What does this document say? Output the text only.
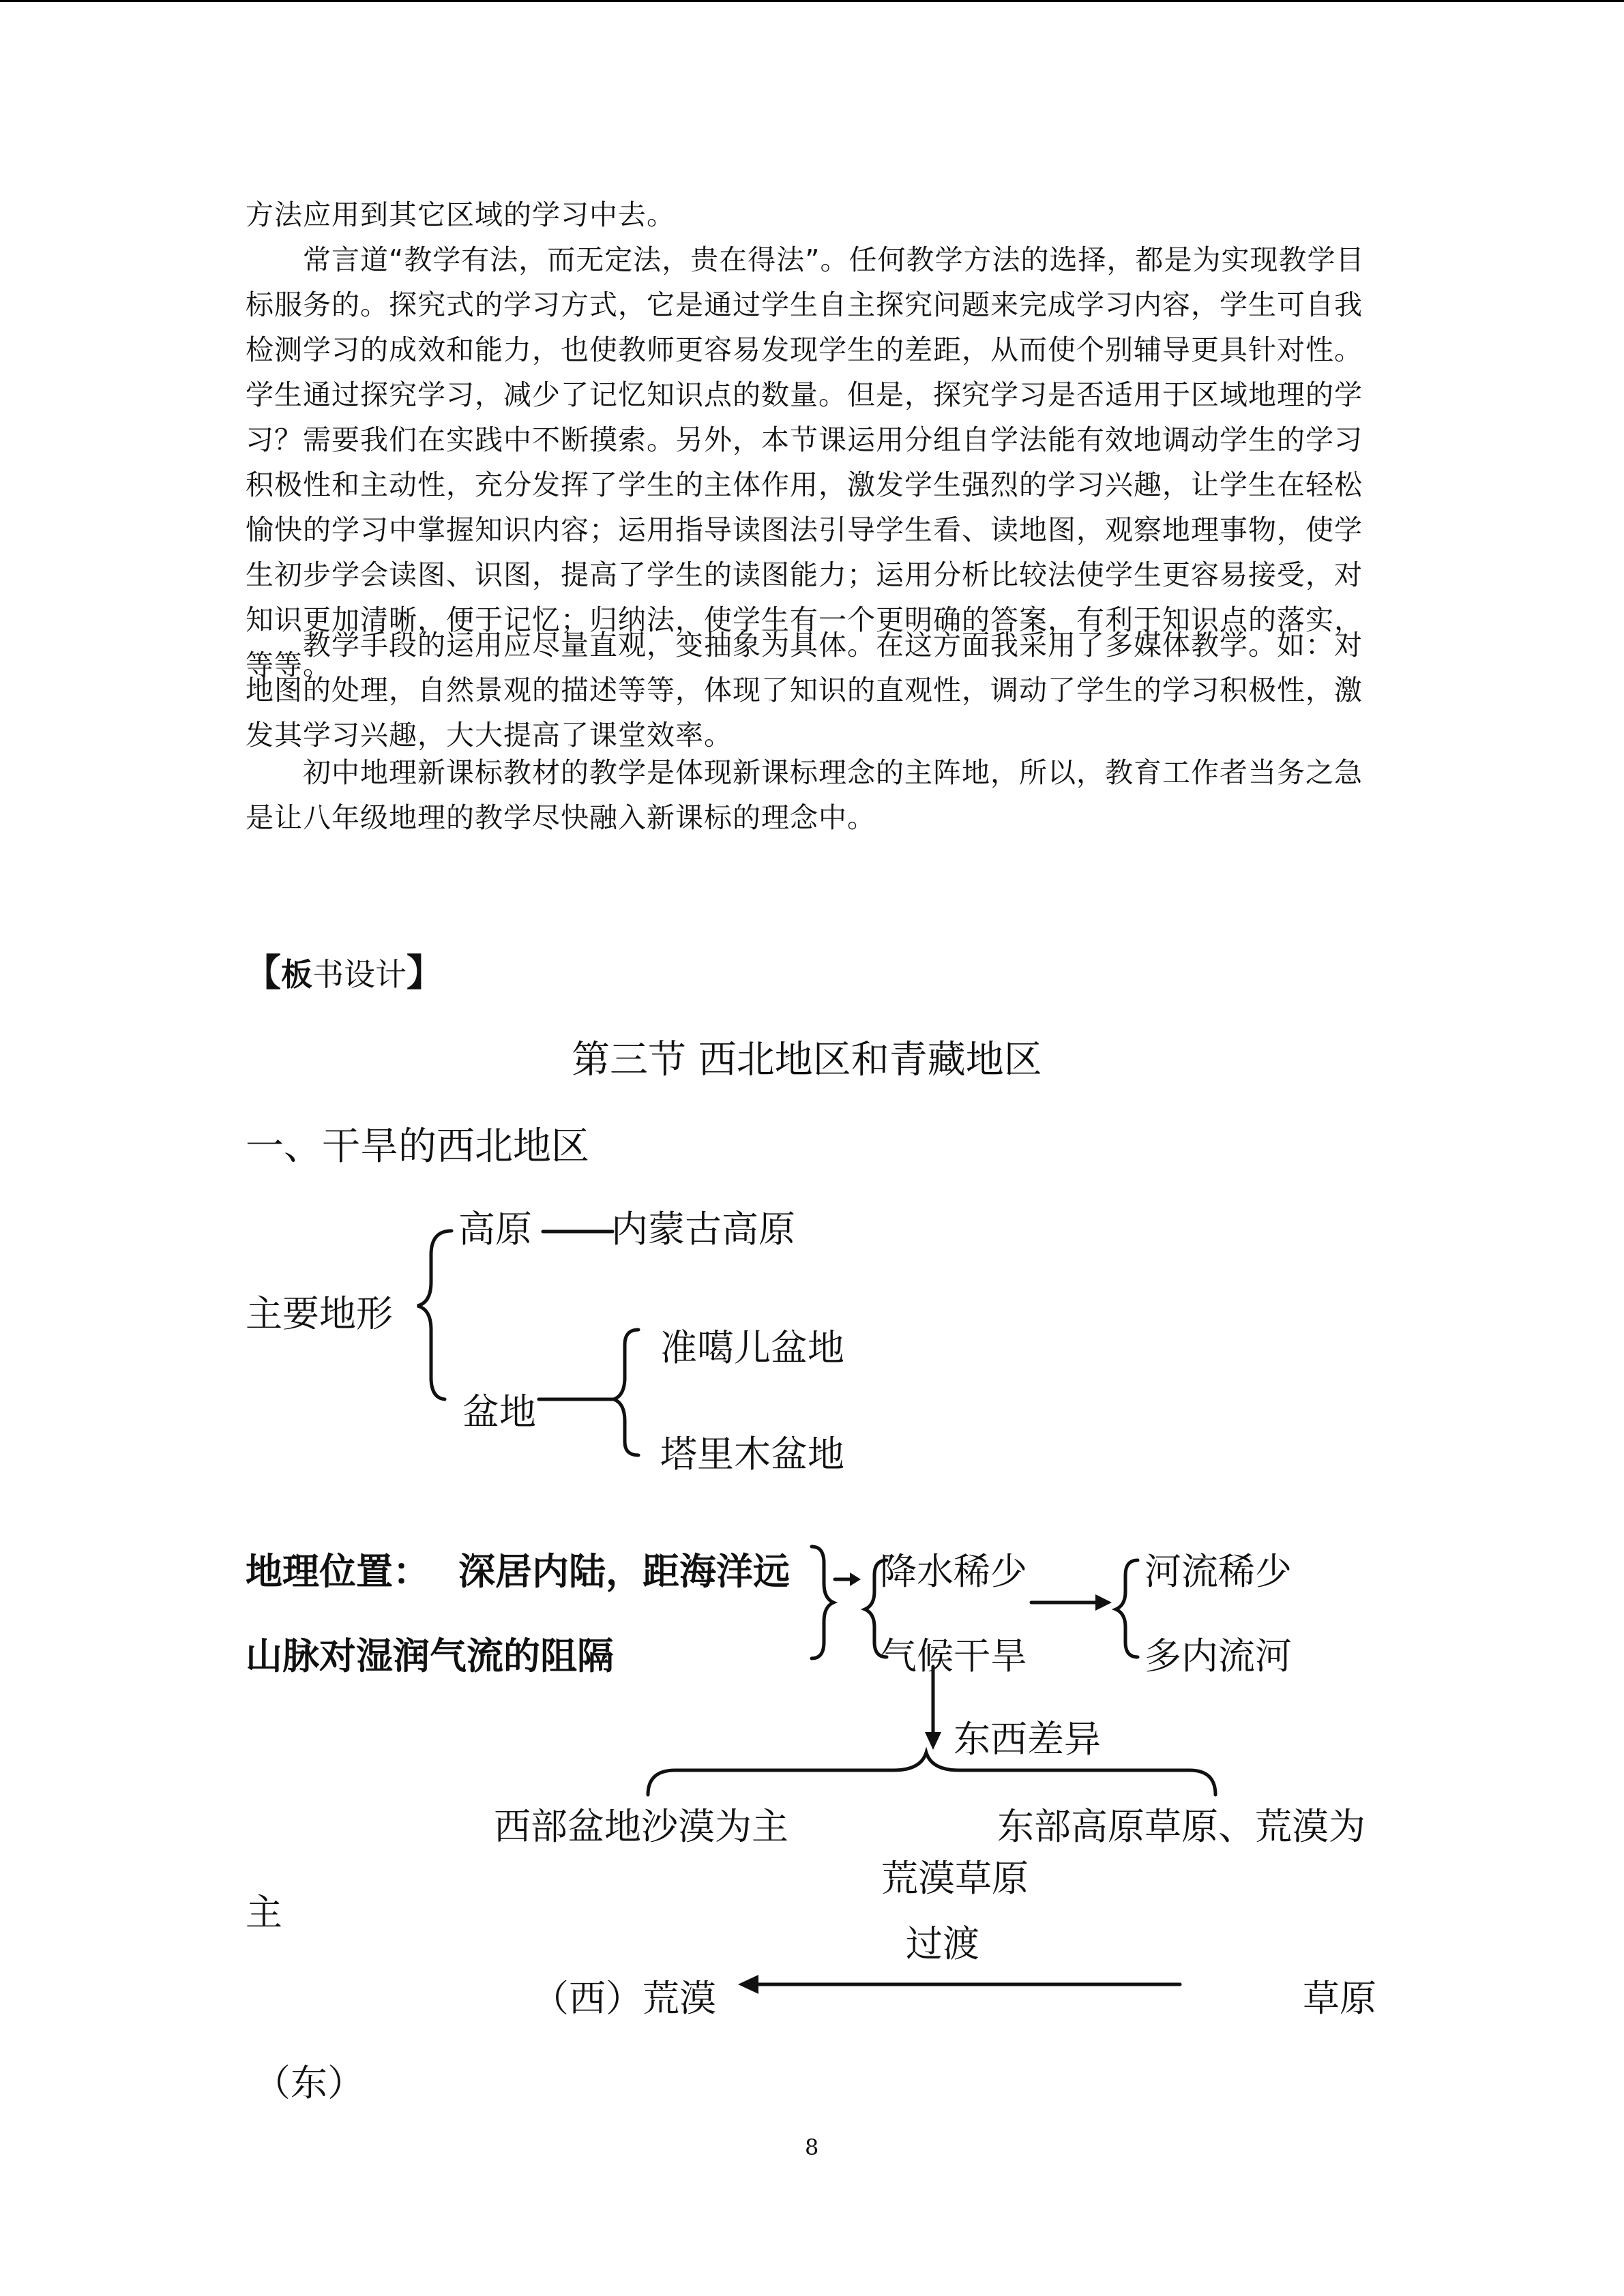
方法应用到其它区域的学习中去。

常言道“教学有法，而无定法，贵在得法”。任何教学方法的选择，都是为实现教学目标服务的。探究式的学习方式，它是通过学生自主探究问题来完成学习内容，学生可自我检测学习的成效和能力，也使教师更容易发现学生的差距，从而使个别辅导更具针对性。学生通过探究学习，减少了记忆知识点的数量。但是，探究学习是否适用于区域地理的学习？需要我们在实践中不断摸索。另外，本节课运用分组自学法能有效地调动学生的学习积极性和主动性，充分发挥了学生的主体作用，激发学生强烈的学习兴趣，让学生在轻松愉快的学习中掌握知识内容；运用指导读图法引导学生看、读地图，观察地理事物，使学生初步学会读图、识图，提高了学生的读图能力；运用分析比较法使学生更容易接受，对知识更加清晰，便于记忆；归纳法，使学生有一个更明确的答案，有利于知识点的落实，等等。

教学手段的运用应尽量直观，变抽象为具体。在这方面我采用了多媒体教学。如：对地图的处理，自然景观的描述等等，体现了知识的直观性，调动了学生的学习积极性，激发其学习兴趣，大大提高了课堂效率。

初中地理新课标教材的教学是体现新课标理念的主阵地，所以，教育工作者当务之急是让八年级地理的教学尽快融入新课标的理念中。

【板书设计】
第三节 西北地区和青藏地区
一、干旱的西北地区
主要地形
高原 内蒙古高原
盆地
准噶儿盆地
塔里木盆地
地理位置： 深居内陆，距海洋远
山脉对湿润气流的阻隔
降水稀少
气候干旱
河流稀少
多内流河
东西差异
西部盆地沙漠为主	东部高原草原、荒漠为
荒漠草原
主
过渡
（西）荒漠	草原
（东）
8
